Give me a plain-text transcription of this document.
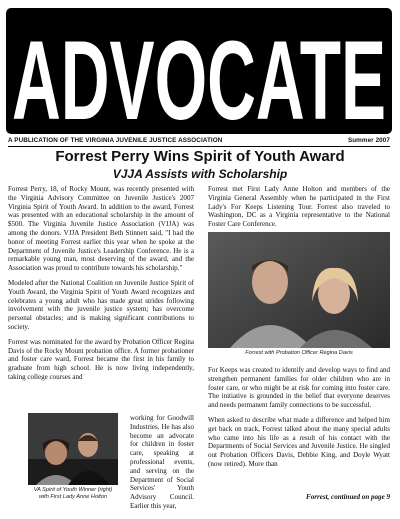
ADVOCATE
A PUBLICATION OF THE VIRGINIA JUVENILE JUSTICE ASSOCIATION	Summer 2007
Forrest Perry Wins Spirit of Youth Award
VJJA Assists with Scholarship

Forrest Perry, 18, of Rocky Mount, was recently presented with the Virginia Advisory Committee on Juvenile Justice's 2007 Virginia Spirit of Youth Award. In addition to the award, Forrest was presented with an educational scholarship in the amount of $500. The Virginia Juvenile Justice Association (VJJA) was among the donors. VJJA President Beth Stinnett said, "I had the honor of meeting Forrest earlier this year when he spoke at the Department of Juvenile Justice's Leadership Conference. He is a remarkable young man, most deserving of the award, and the Association was proud to contribute towards his scholarship."

Modeled after the National Coalition on Juvenile Justice Spirit of Youth Award, the Virginia Spirit of Youth Award recognizes and celebrates a young adult who has made great strides following involvement with the juvenile justice system; has overcome personal obstacles; and is making significant contributions to society.

Forrest was nominated for the award by Probation Officer Regina Davis of the Rocky Mount probation office. A former probationer and foster care ward, Forrest became the first in his family to graduate from high school. He is now living independently, taking college courses and

VA Spirit of Youth Winner (right)
with First Lady Anne Holton

working for Goodwill Industries. He has also become an advocate for children in foster care, speaking at professional events, and serving on the Department of Social Services' Youth Advisory Council. Earlier this year,

Forrest met First Lady Anne Holton and members of the Virginia General Assembly when he participated in the First Lady's For Keeps Listening Tour. Forrest also traveled to Washington, DC as a Virginia representative to the National Foster Care Conference.

Forrest with Probation Officer Regina Davis

For Keeps was created to identify and develop ways to find and strengthen permanent families for older children who are in foster care, or who might be at risk for coming into foster care. The initiative is grounded in the belief that everyone deserves and needs permanent family connections to be successful.

When asked to describe what made a difference and helped him get back on track, Forrest talked about the many special adults who came into his life as a result of his contact with the Departments of Social Services and Juvenile Justice. He singled out Probation Officers Davis, Debbie King, and Doyle Wyatt (now retired). More than

Forrest, continued on page 9
